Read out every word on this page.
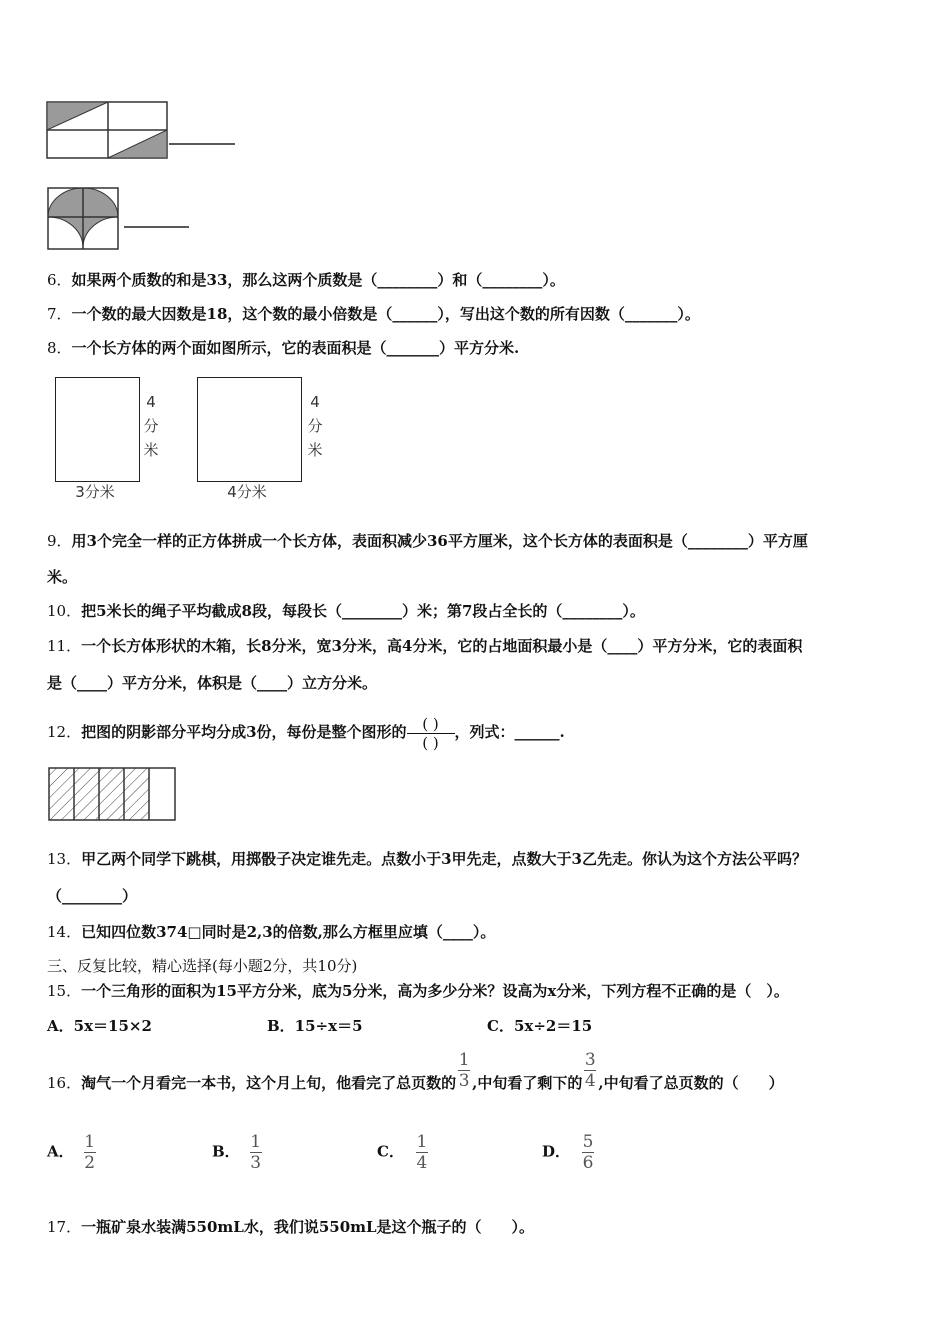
6．如果两个质数的和是33，那么这两个质数是（________）和（________）。
7．一个数的最大因数是18，这个数的最小倍数是（______），写出这个数的所有因数（_______）。
8．一个长方体的两个面如图所示，它的表面积是（_______）平方分米.
4
分
米
3分米
4
分
米
4分米
9．用3个完全一样的正方体拼成一个长方体，表面积减少36平方厘米，这个长方体的表面积是（________）平方厘
米。
10．把5米长的绳子平均截成8段，每段长（________）米；第7段占全长的（________）。
11．一个长方体形状的木箱，长8分米，宽3分米，高4分米，它的占地面积最小是（____）平方分米，它的表面积
是（____）平方分米，体积是（____）立方分米。
12．把图的阴影部分平均分成3份，每份是整个图形的 ( )
( )
，列式：______.
13．甲乙两个同学下跳棋，用掷骰子决定谁先走。点数小于3甲先走，点数大于3乙先走。你认为这个方法公平吗？
（________）
14．已知四位数374□同时是2,3的倍数,那么方框里应填（____）。
三、反复比较，精心选择(每小题2分，共10分)
15．一个三角形的面积为15平方分米，底为5分米，高为多少分米？设高为x分米，下列方程不正确的是（　）。
A．5x＝15×2	B．15÷x＝5	C．5x÷2＝15
16．淘气一个月看完一本书，这个月上旬，他看完了总页数的 $\frac{1}{3}$ ,中旬看了剩下的 $\frac{3}{4}$ ,中旬看了总页数的（　　）
A． $\frac{1}{2}$	B． $\frac{1}{3}$	C． $\frac{1}{4}$	D． $\frac{5}{6}$
17．一瓶矿泉水装满550mL水，我们说550mL是这个瓶子的（　　）。
